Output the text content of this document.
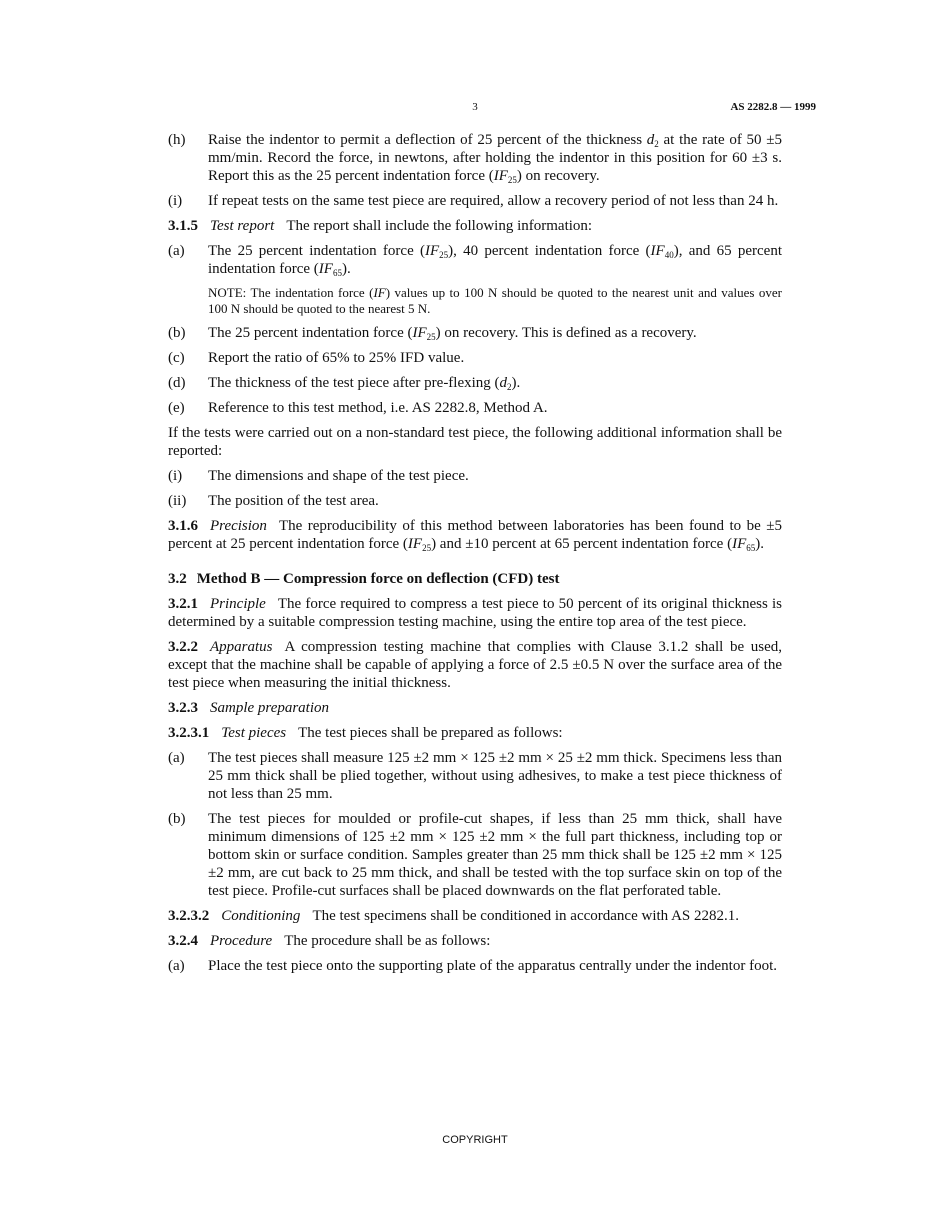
3	AS 2282.8 — 1999
(h)	Raise the indentor to permit a deflection of 25 percent of the thickness $d_2$ at the rate of 50 ±5 mm/min. Record the force, in newtons, after holding the indentor in this position for 60 ±3 s. Report this as the 25 percent indentation force $(IF_{25})$ on recovery.
(i)	If repeat tests on the same test piece are required, allow a recovery period of not less than 24 h.

3.1.5 Test report The report shall include the following information:

(a)	The 25 percent indentation force $(IF_{25})$, 40 percent indentation force $(IF_{40})$, and 65 percent indentation force $(IF_{65})$.
NOTE: The indentation force (IF) values up to 100 N should be quoted to the nearest unit and values over 100 N should be quoted to the nearest 5 N.
(b)	The 25 percent indentation force $(IF_{25})$ on recovery. This is defined as a recovery.
(c)	Report the ratio of 65% to 25% IFD value.
(d)	The thickness of the test piece after pre-flexing $(d_2)$.
(e)	Reference to this test method, i.e. AS 2282.8, Method A.

If the tests were carried out on a non-standard test piece, the following additional information shall be reported:

(i)	The dimensions and shape of the test piece.
(ii)	The position of the test area.

3.1.6 Precision The reproducibility of this method between laboratories has been found to be ±5 percent at 25 percent indentation force $(IF_{25})$ and ±10 percent at 65 percent indentation force $(IF_{65})$.

3.2 Method B — Compression force on deflection (CFD) test

3.2.1 Principle The force required to compress a test piece to 50 percent of its original thickness is determined by a suitable compression testing machine, using the entire top area of the test piece.

3.2.2 Apparatus A compression testing machine that complies with Clause 3.1.2 shall be used, except that the machine shall be capable of applying a force of 2.5 ±0.5 N over the surface area of the test piece when measuring the initial thickness.

3.2.3 Sample preparation

3.2.3.1 Test pieces The test pieces shall be prepared as follows:

(a)	The test pieces shall measure 125 ±2 mm × 125 ±2 mm × 25 ±2 mm thick. Specimens less than 25 mm thick shall be plied together, without using adhesives, to make a test piece thickness of not less than 25 mm.
(b)	The test pieces for moulded or profile-cut shapes, if less than 25 mm thick, shall have minimum dimensions of 125 ±2 mm × 125 ±2 mm × the full part thickness, including top or bottom skin or surface condition. Samples greater than 25 mm thick shall be 125 ±2 mm × 125 ±2 mm, are cut back to 25 mm thick, and shall be tested with the top surface skin on top of the test piece. Profile-cut surfaces shall be placed downwards on the flat perforated table.

3.2.3.2 Conditioning The test specimens shall be conditioned in accordance with AS 2282.1.

3.2.4 Procedure The procedure shall be as follows:

(a)	Place the test piece onto the supporting plate of the apparatus centrally under the indentor foot.
COPYRIGHT
